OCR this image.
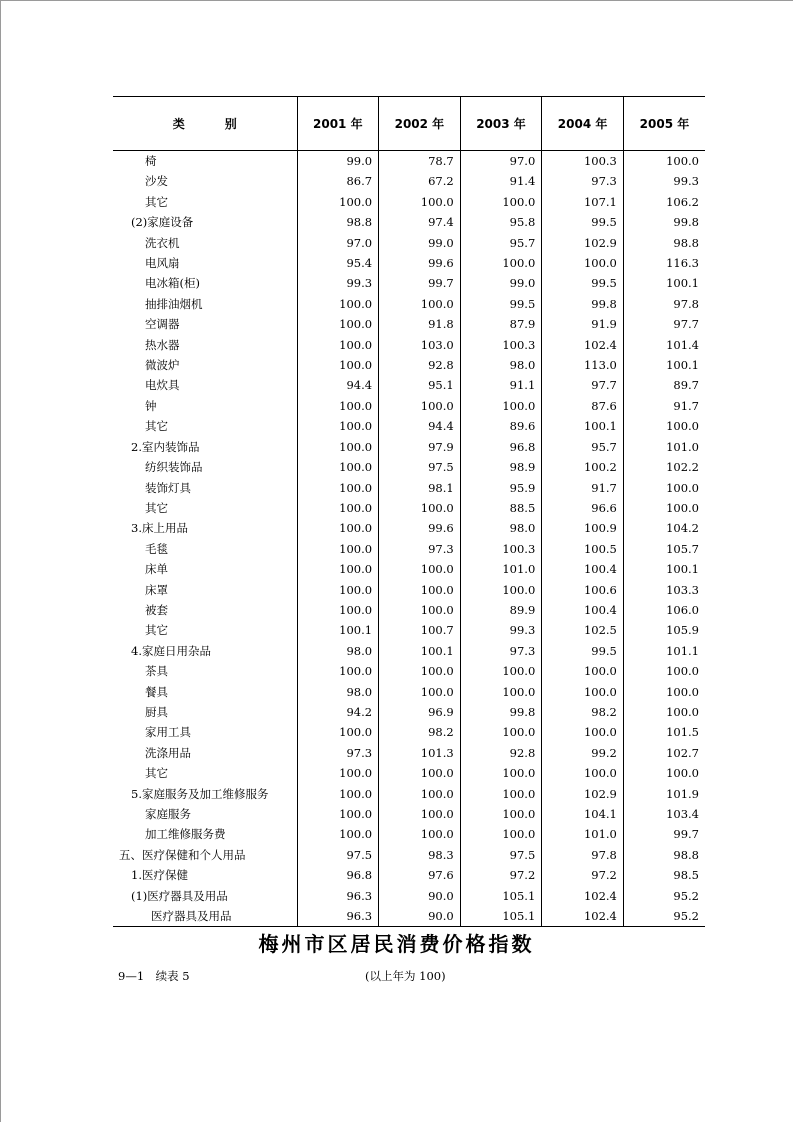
类别	2001 年	2002 年	2003 年	2004 年	2005 年
椅	99.0	78.7	97.0	100.3	100.0
沙发	86.7	67.2	91.4	97.3	99.3
其它	100.0	100.0	100.0	107.1	106.2
(2)家庭设备	98.8	97.4	95.8	99.5	99.8
洗衣机	97.0	99.0	95.7	102.9	98.8
电风扇	95.4	99.6	100.0	100.0	116.3
电冰箱(柜)	99.3	99.7	99.0	99.5	100.1
抽排油烟机	100.0	100.0	99.5	99.8	97.8
空调器	100.0	91.8	87.9	91.9	97.7
热水器	100.0	103.0	100.3	102.4	101.4
微波炉	100.0	92.8	98.0	113.0	100.1
电炊具	94.4	95.1	91.1	97.7	89.7
钟	100.0	100.0	100.0	87.6	91.7
其它	100.0	94.4	89.6	100.1	100.0
2.室内装饰品	100.0	97.9	96.8	95.7	101.0
纺织装饰品	100.0	97.5	98.9	100.2	102.2
装饰灯具	100.0	98.1	95.9	91.7	100.0
其它	100.0	100.0	88.5	96.6	100.0
3.床上用品	100.0	99.6	98.0	100.9	104.2
毛毯	100.0	97.3	100.3	100.5	105.7
床单	100.0	100.0	101.0	100.4	100.1
床罩	100.0	100.0	100.0	100.6	103.3
被套	100.0	100.0	89.9	100.4	106.0
其它	100.1	100.7	99.3	102.5	105.9
4.家庭日用杂品	98.0	100.1	97.3	99.5	101.1
茶具	100.0	100.0	100.0	100.0	100.0
餐具	98.0	100.0	100.0	100.0	100.0
厨具	94.2	96.9	99.8	98.2	100.0
家用工具	100.0	98.2	100.0	100.0	101.5
洗涤用品	97.3	101.3	92.8	99.2	102.7
其它	100.0	100.0	100.0	100.0	100.0
5.家庭服务及加工维修服务	100.0	100.0	100.0	102.9	101.9
家庭服务	100.0	100.0	100.0	104.1	103.4
加工维修服务费	100.0	100.0	100.0	101.0	99.7
五、医疗保健和个人用品	97.5	98.3	97.5	97.8	98.8
1.医疗保健	96.8	97.6	97.2	97.2	98.5
(1)医疗器具及用品	96.3	90.0	105.1	102.4	95.2
医疗器具及用品	96.3	90.0	105.1	102.4	95.2
梅州市区居民消费价格指数
9—1　续表 5	(以上年为 100)
